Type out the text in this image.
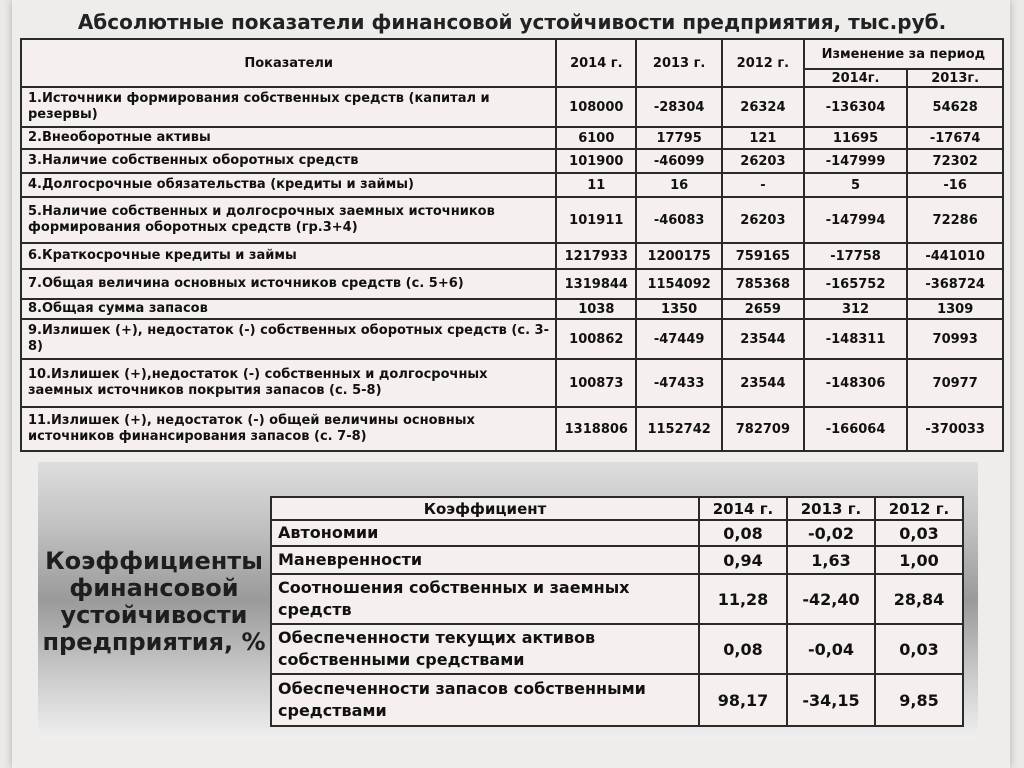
Абсолютные показатели финансовой устойчивости предприятия, тыс.руб.
Показатели	2014 г.	2013 г.	2012 г.	Изменение за период	
				2014г.	2013г.
1.Источники формирования собственных средств (капитал и резервы)	108000	-28304	26324	-136304	54628
2.Внеоборотные активы	6100	17795	121	11695	-17674
3.Наличие собственных оборотных средств	101900	-46099	26203	-147999	72302
4.Долгосрочные обязательства (кредиты и займы)	11	16	-	5	-16
5.Наличие собственных и долгосрочных заемных источников формирования оборотных средств (гр.3+4)	101911	-46083	26203	-147994	72286
6.Краткосрочные кредиты и займы	1217933	1200175	759165	-17758	-441010
7.Общая величина основных источников средств (с. 5+6)	1319844	1154092	785368	-165752	-368724
8.Общая сумма запасов	1038	1350	2659	312	1309
9.Излишек (+), недостаток (-) собственных оборотных средств (с. 3-8)	100862	-47449	23544	-148311	70993
10.Излишек (+),недостаток (-) собственных и долгосрочных заемных источников покрытия запасов (с. 5-8)	100873	-47433	23544	-148306	70977
11.Излишек (+), недостаток (-) общей величины основных источников финансирования запасов (с. 7-8)	1318806	1152742	782709	-166064	-370033
Коэффициенты финансовой устойчивости предприятия, %
Коэффициент	2014 г.	2013 г.	2012 г.
Автономии	0,08	-0,02	0,03
Маневренности	0,94	1,63	1,00
Соотношения собственных и заемных средств	11,28	-42,40	28,84
Обеспеченности текущих активов собственными средствами	0,08	-0,04	0,03
Обеспеченности запасов собственными средствами	98,17	-34,15	9,85
